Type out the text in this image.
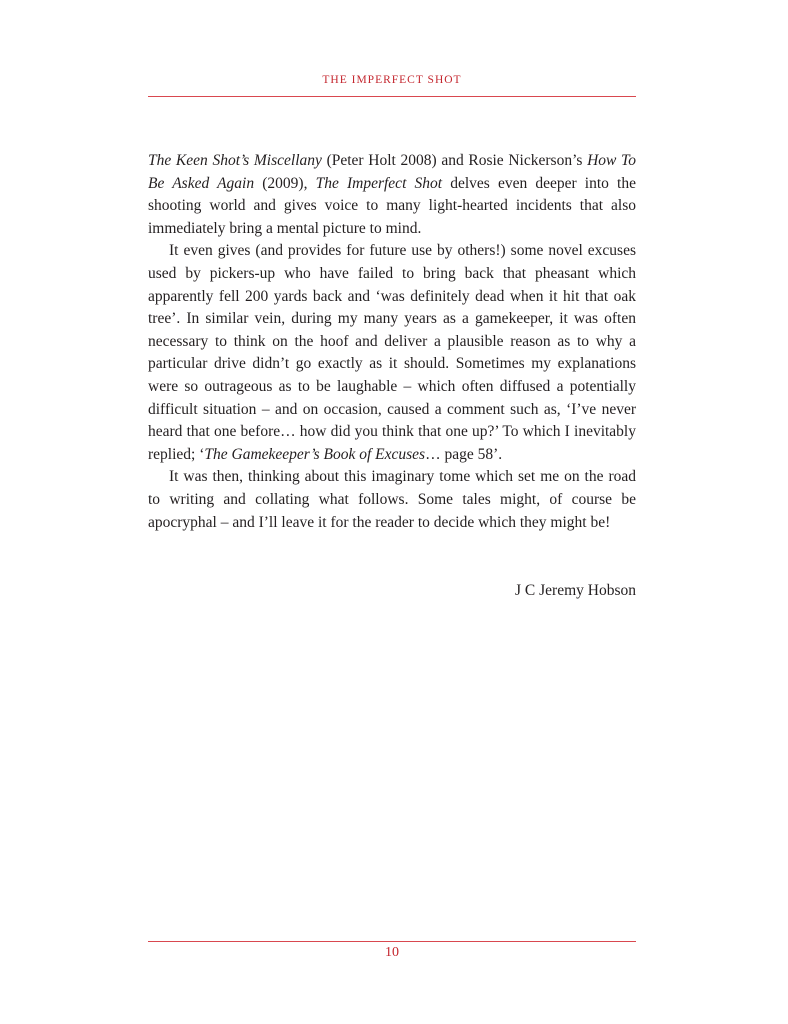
THE IMPERFECT SHOT

The Keen Shot’s Miscellany (Peter Holt 2008) and Rosie Nickerson’s How To Be Asked Again (2009), The Imperfect Shot delves even deeper into the shooting world and gives voice to many light-hearted incidents that also immediately bring a mental picture to mind.

It even gives (and provides for future use by others!) some novel excuses used by pickers-up who have failed to bring back that pheasant which apparently fell 200 yards back and ‘was definitely dead when it hit that oak tree’. In similar vein, during my many years as a gamekeeper, it was often necessary to think on the hoof and deliver a plausible reason as to why a particular drive didn’t go exactly as it should. Sometimes my explanations were so outrageous as to be laughable – which often diffused a potentially difficult situation – and on occasion, caused a comment such as, ‘I’ve never heard that one before… how did you think that one up?’ To which I inevitably replied; ‘The Gamekeeper’s Book of Excuses… page 58’.

It was then, thinking about this imaginary tome which set me on the road to writing and collating what follows. Some tales might, of course be apocryphal – and I’ll leave it for the reader to decide which they might be!

J C Jeremy Hobson
10
